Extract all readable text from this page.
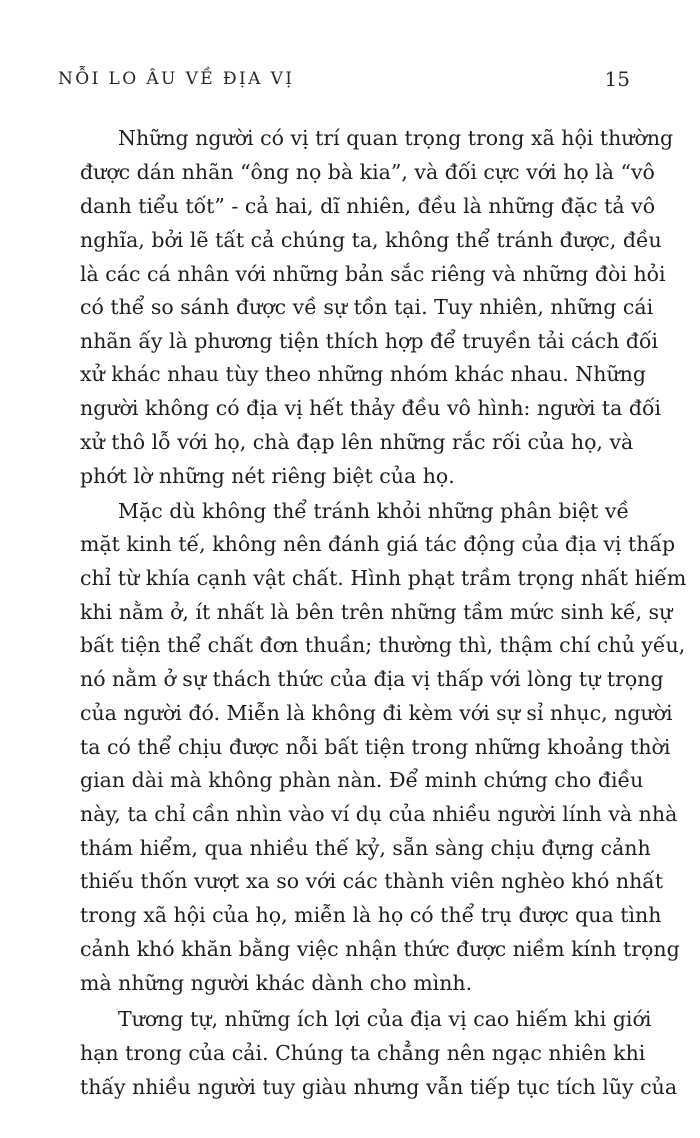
NỖI LO ÂU VỀ ĐỊA VỊ	15
Những người có vị trí quan trọng trong xã hội thường
được dán nhãn “ông nọ bà kia”, và đối cực với họ là “vô
danh tiểu tốt” - cả hai, dĩ nhiên, đều là những đặc tả vô
nghĩa, bởi lẽ tất cả chúng ta, không thể tránh được, đều
là các cá nhân với những bản sắc riêng và những đòi hỏi
có thể so sánh được về sự tồn tại. Tuy nhiên, những cái
nhãn ấy là phương tiện thích hợp để truyền tải cách đối
xử khác nhau tùy theo những nhóm khác nhau. Những
người không có địa vị hết thảy đều vô hình: người ta đối
xử thô lỗ với họ, chà đạp lên những rắc rối của họ, và
phớt lờ những nét riêng biệt của họ.
Mặc dù không thể tránh khỏi những phân biệt về
mặt kinh tế, không nên đánh giá tác động của địa vị thấp
chỉ từ khía cạnh vật chất. Hình phạt trầm trọng nhất hiếm
khi nằm ở, ít nhất là bên trên những tầm mức sinh kế, sự
bất tiện thể chất đơn thuần; thường thì, thậm chí chủ yếu,
nó nằm ở sự thách thức của địa vị thấp với lòng tự trọng
của người đó. Miễn là không đi kèm với sự sỉ nhục, người
ta có thể chịu được nỗi bất tiện trong những khoảng thời
gian dài mà không phàn nàn. Để minh chứng cho điều
này, ta chỉ cần nhìn vào ví dụ của nhiều người lính và nhà
thám hiểm, qua nhiều thế kỷ, sẵn sàng chịu đựng cảnh
thiếu thốn vượt xa so với các thành viên nghèo khó nhất
trong xã hội của họ, miễn là họ có thể trụ được qua tình
cảnh khó khăn bằng việc nhận thức được niềm kính trọng
mà những người khác dành cho mình.
Tương tự, những ích lợi của địa vị cao hiếm khi giới
hạn trong của cải. Chúng ta chẳng nên ngạc nhiên khi
thấy nhiều người tuy giàu nhưng vẫn tiếp tục tích lũy của
